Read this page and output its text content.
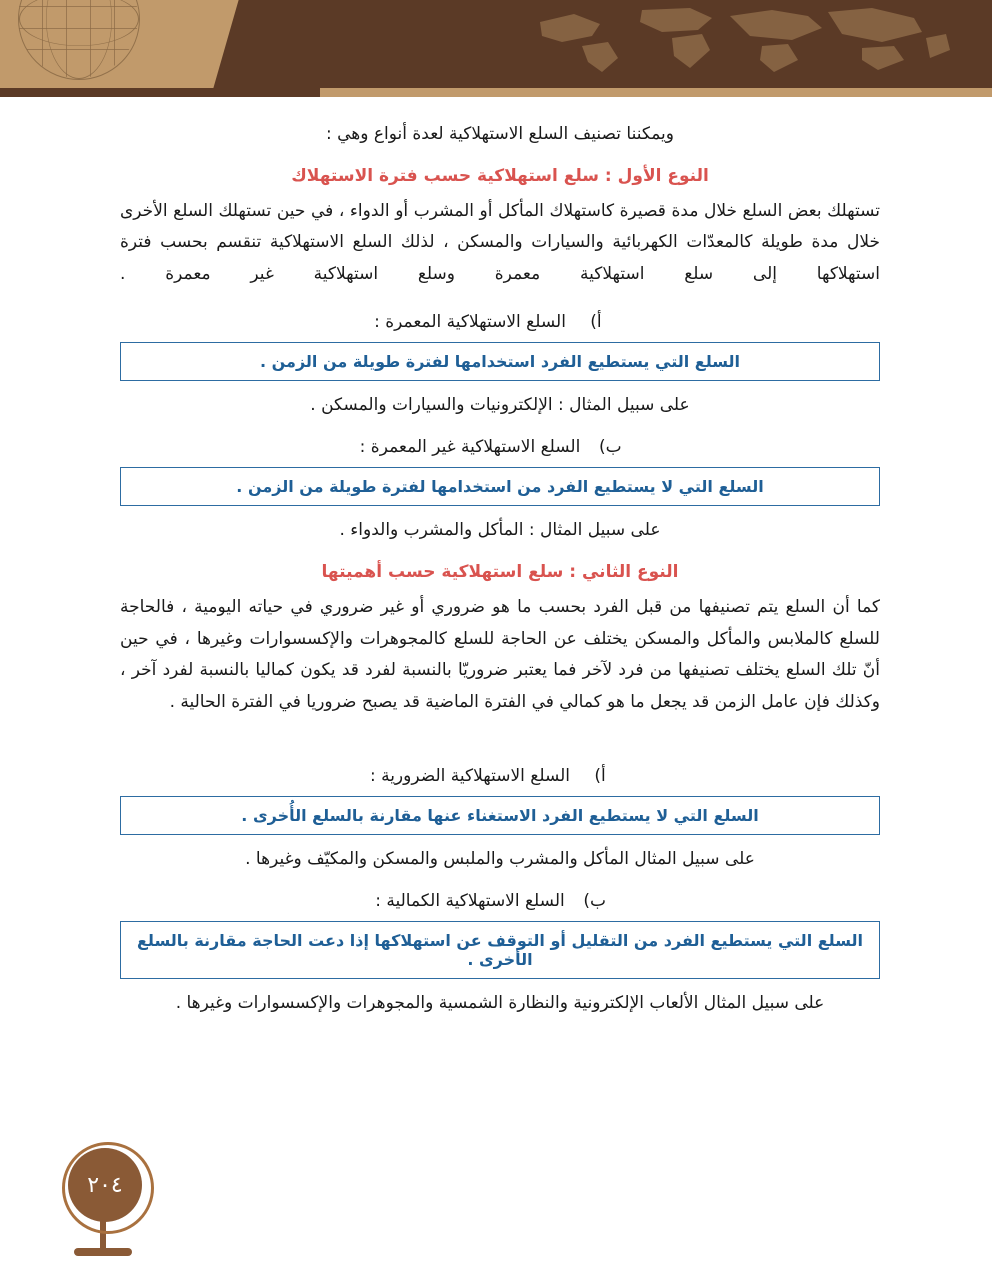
ويمكننا تصنيف السلع الاستهلاكية لعدة أنواع وهي :
النوع الأول : سلع استهلاكية حسب فترة الاستهلاك

تستهلك بعض السلع خلال مدة قصيرة كاستهلاك المأكل أو المشرب أو الدواء ، في حين تستهلك السلع الأخرى خلال مدة طويلة كالمعدّات الكهربائية والسيارات والمسكن ، لذلك السلع الاستهلاكية تنقسم بحسب فترة استهلاكها إلى سلع استهلاكية معمرة وسلع استهلاكية غير معمرة .

أ)السلع الاستهلاكية المعمرة :
السلع التي يستطيع الفرد استخدامها لفترة طويلة من الزمن .
على سبيل المثال : الإلكترونيات والسيارات والمسكن .
ب)السلع الاستهلاكية غير المعمرة :
السلع التي لا يستطيع الفرد من استخدامها لفترة طويلة من الزمن .
على سبيل المثال : المأكل والمشرب والدواء .
النوع الثاني : سلع استهلاكية حسب أهميتها

كما أن السلع يتم تصنيفها من قبل الفرد بحسب ما هو ضروري أو غير ضروري في حياته اليومية ، فالحاجة للسلع كالملابس والمأكل والمسكن يختلف عن الحاجة للسلع كالمجوهرات والإكسسوارات وغيرها ، في حين أنّ تلك السلع يختلف تصنيفها من فرد لآخر فما يعتبر ضروريّا بالنسبة لفرد قد يكون كماليا بالنسبة لفرد آخر ، وكذلك فإن عامل الزمن قد يجعل ما هو كمالي في الفترة الماضية قد يصبح ضروريا في الفترة الحالية .

أ)السلع الاستهلاكية الضرورية :
السلع التي لا يستطيع الفرد الاستغناء عنها مقارنة بالسلع الأُخرى .
على سبيل المثال المأكل والمشرب والملبس والمسكن والمكيّف وغيرها .
ب)السلع الاستهلاكية الكمالية :
السلع التي يستطيع الفرد من التقليل أو التوقف عن استهلاكها إذا دعت الحاجة مقارنة بالسلع الأخرى .
على سبيل المثال الألعاب الإلكترونية والنظارة الشمسية والمجوهرات والإكسسوارات وغيرها .
٢٠٤
